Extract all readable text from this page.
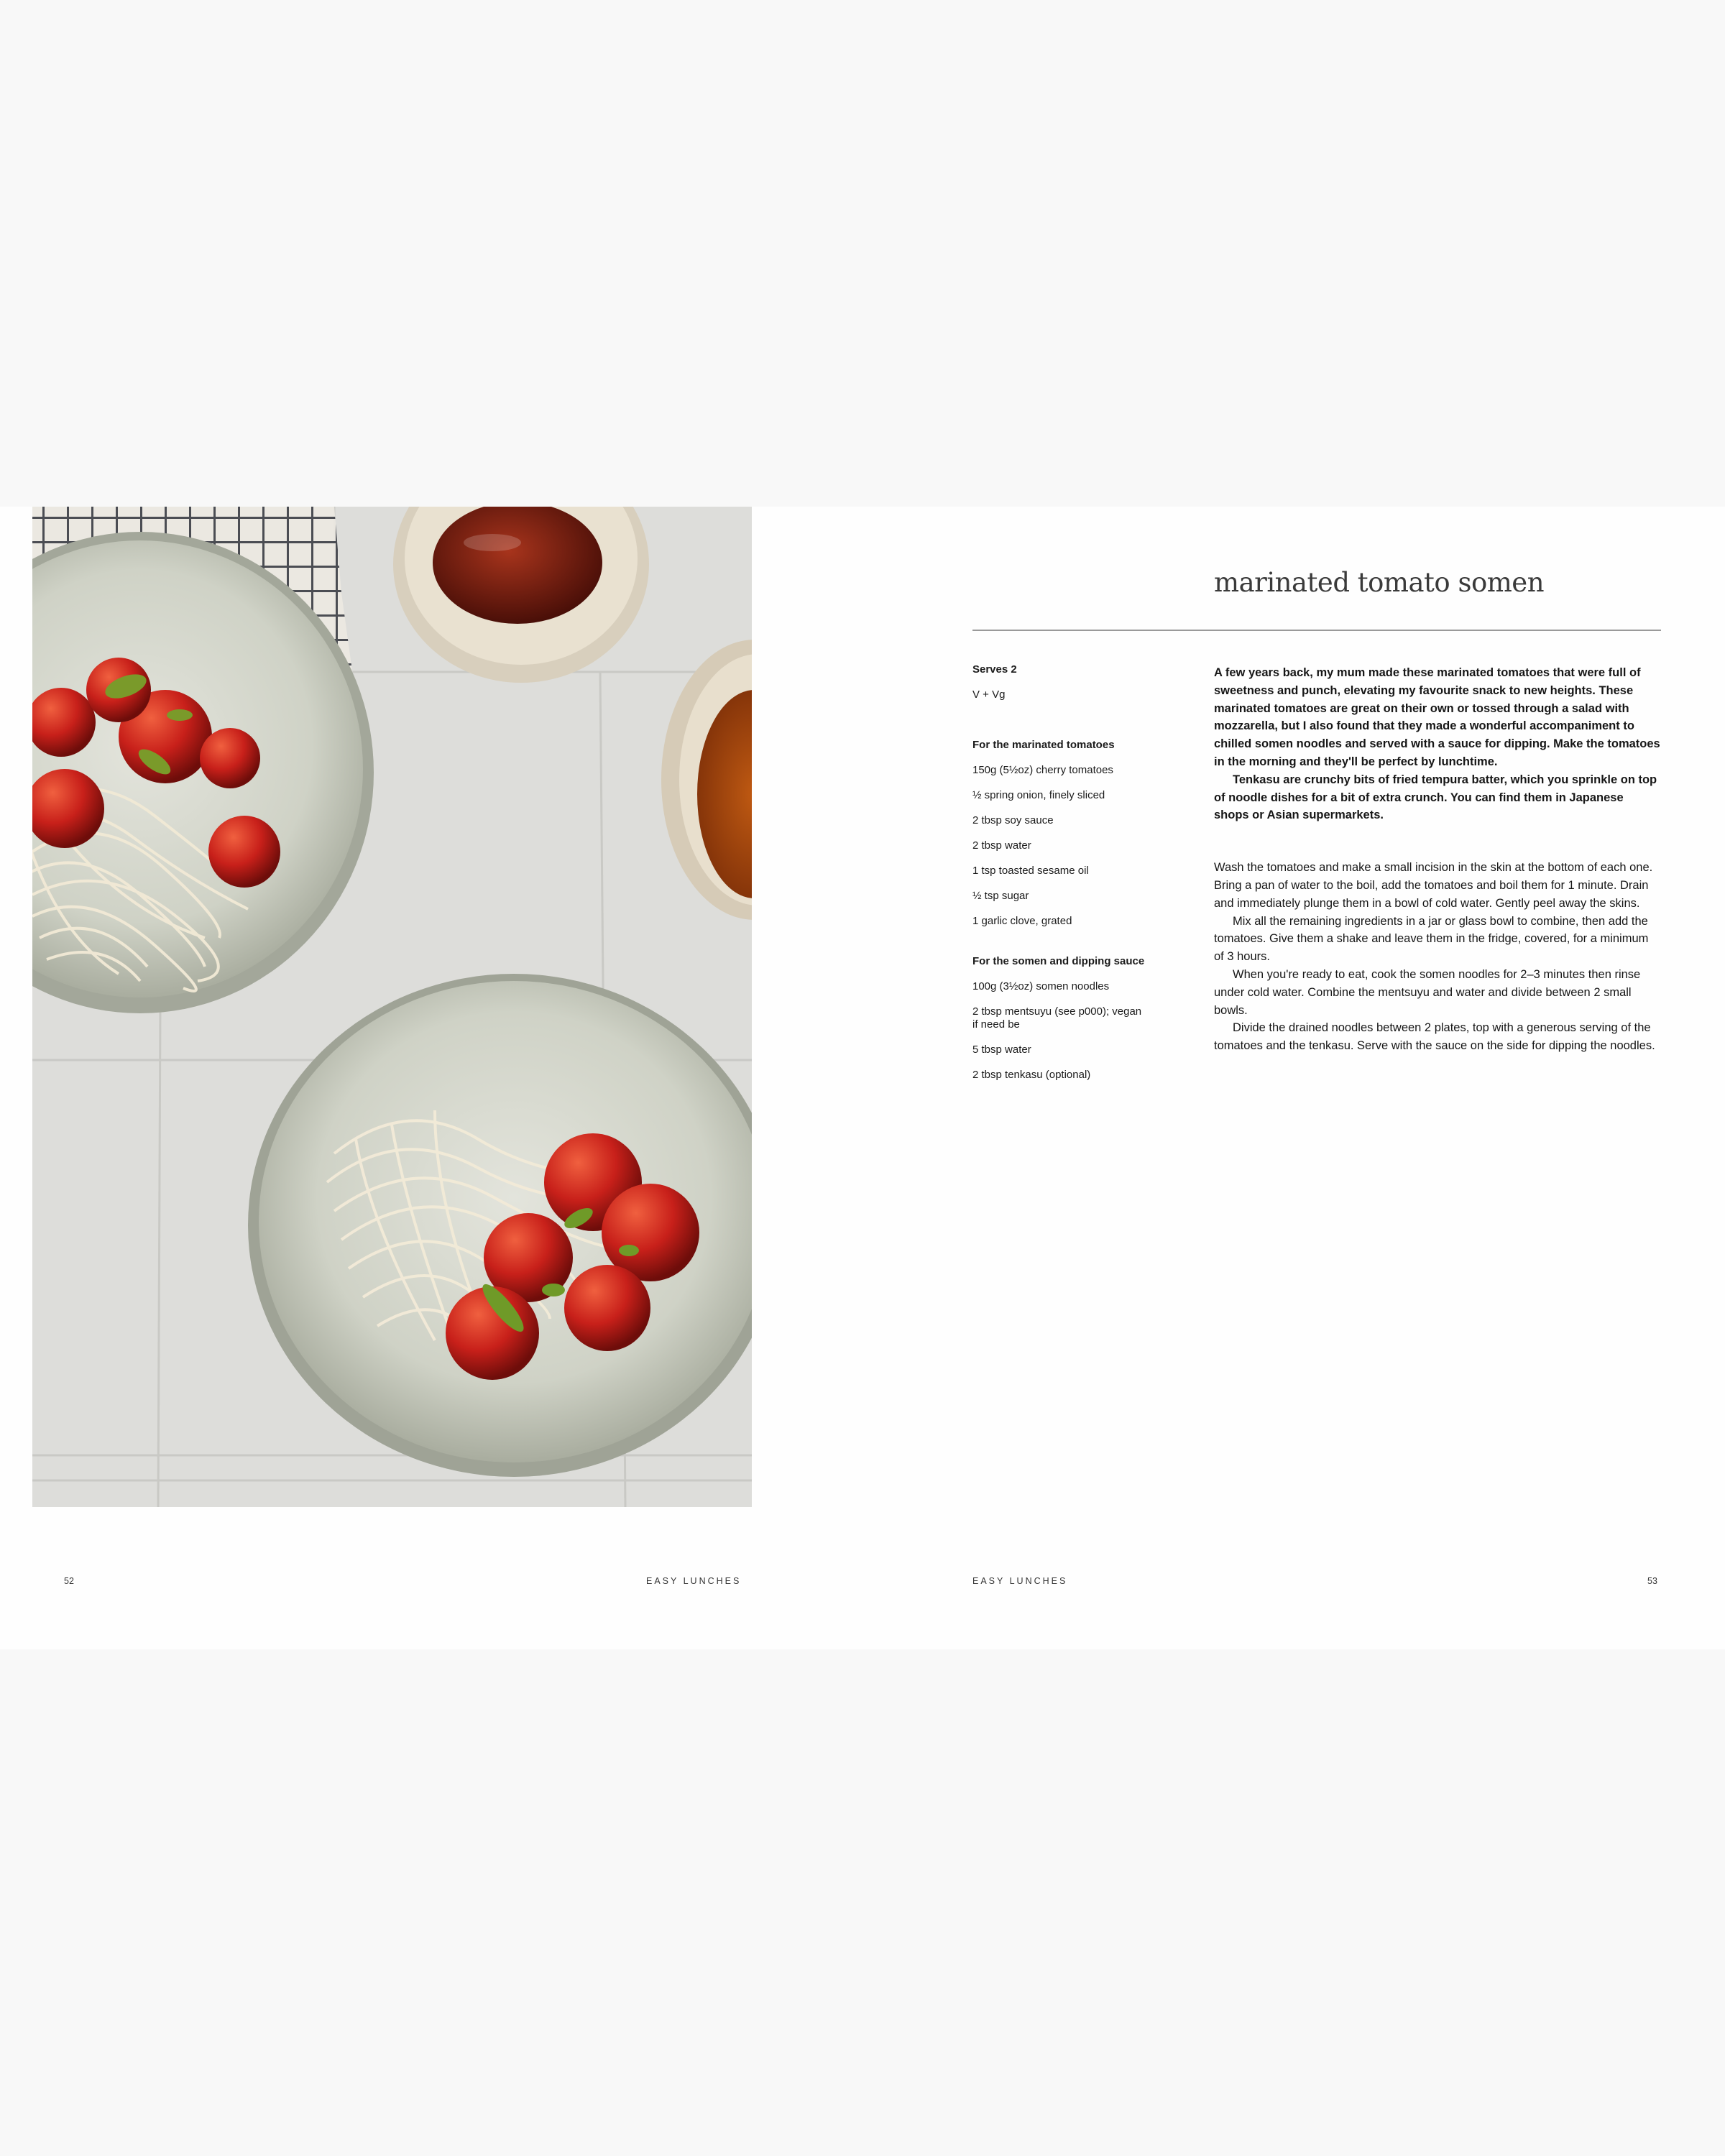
52	EASY LUNCHES
marinated tomato somen
Serves 2
V + Vg
For the marinated tomatoes
150g (5½oz) cherry tomatoes
½ spring onion, finely sliced
2 tbsp soy sauce
2 tbsp water
1 tsp toasted sesame oil
½ tsp sugar
1 garlic clove, grated
For the somen and dipping sauce
100g (3½oz) somen noodles
2 tbsp mentsuyu (see p000); vegan if need be
5 tbsp water
2 tbsp tenkasu (optional)

A few years back, my mum made these marinated tomatoes that were full of sweetness and punch, elevating my favourite snack to new heights. These marinated tomatoes are great on their own or tossed through a salad with mozzarella, but I also found that they made a wonderful accompaniment to chilled somen noodles and served with a sauce for dipping. Make the tomatoes in the morning and they'll be perfect by lunchtime.

Tenkasu are crunchy bits of fried tempura batter, which you sprinkle on top of noodle dishes for a bit of extra crunch. You can find them in Japanese shops or Asian supermarkets.

Wash the tomatoes and make a small incision in the skin at the bottom of each one. Bring a pan of water to the boil, add the tomatoes and boil them for 1 minute. Drain and immediately plunge them in a bowl of cold water. Gently peel away the skins.

Mix all the remaining ingredients in a jar or glass bowl to combine, then add the tomatoes. Give them a shake and leave them in the fridge, covered, for a minimum of 3 hours.

When you're ready to eat, cook the somen noodles for 2–3 minutes then rinse under cold water. Combine the mentsuyu and water and divide between 2 small bowls.

Divide the drained noodles between 2 plates, top with a generous serving of the tomatoes and the tenkasu. Serve with the sauce on the side for dipping the noodles.

EASY LUNCHES	53
